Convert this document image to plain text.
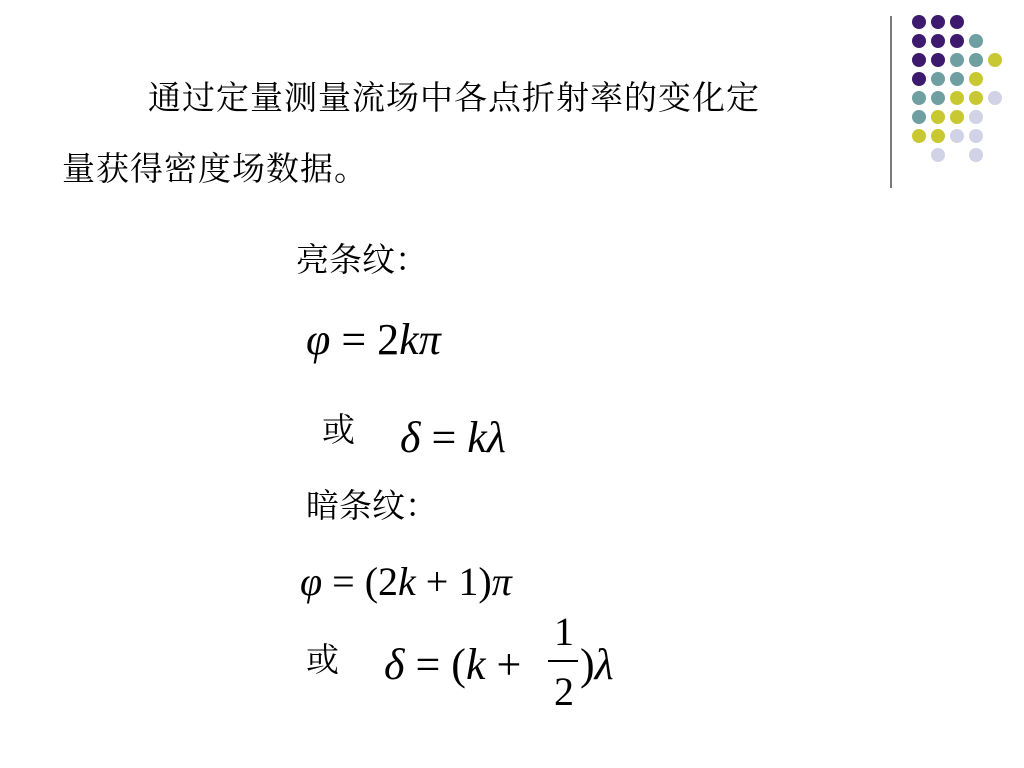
通过定量测量流场中各点折射率的变化定
量获得密度场数据。
亮条纹：
φ = 2kπ
或 δ = kλ
暗条纹：
φ = (2k + 1)π
或 δ = (k +
1
2
)λ
